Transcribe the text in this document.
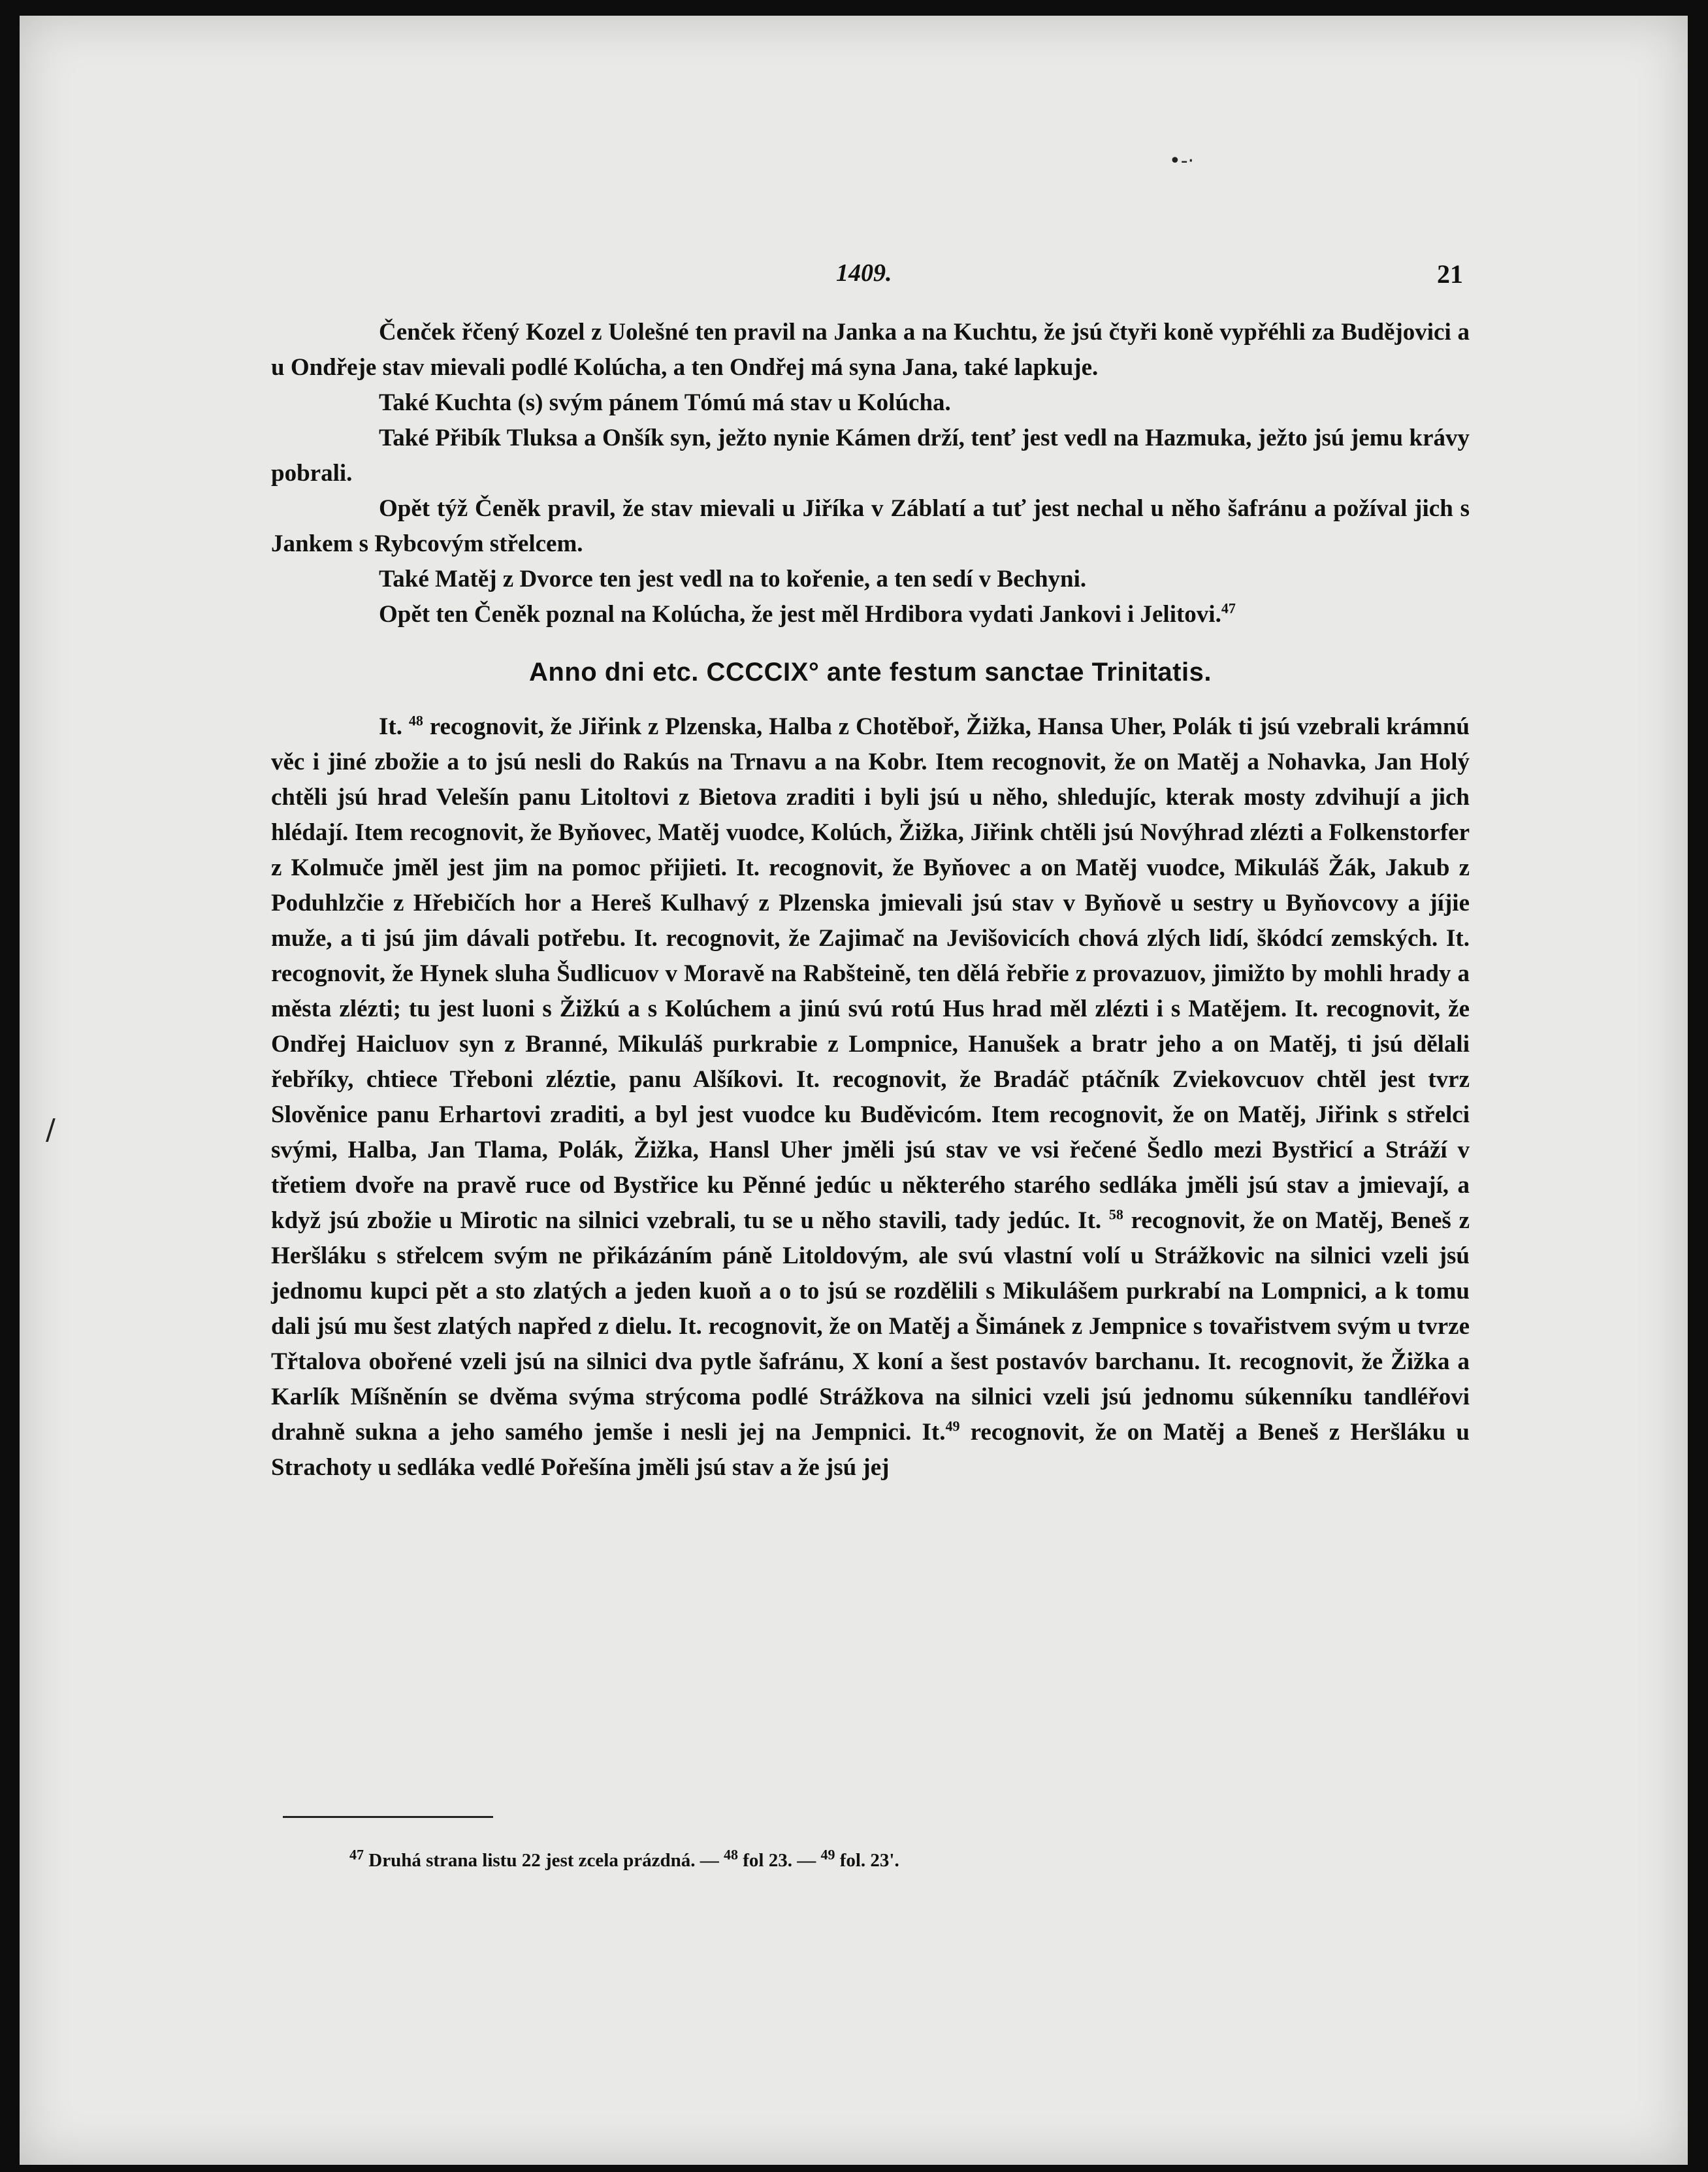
1409.	21

Čenček řčený Kozel z Uolešné ten pravil na Janka a na Kuchtu, že jsú čtyři koně vypřéhli za Budějovici a u Ondřeje stav mievali podlé Kolúcha, a ten Ondřej má syna Jana, také lapkuje.

Také Kuchta (s) svým pánem Tómú má stav u Kolúcha.

Také Přibík Tluksa a Onšík syn, ježto nynie Kámen drží, tenť jest vedl na Hazmuka, ježto jsú jemu krávy pobrali.

Opět týž Čeněk pravil, že stav mievali u Jiříka v Záblatí a tuť jest nechal u něho šafránu a požíval jich s Jankem s Rybcovým střelcem.

Také Matěj z Dvorce ten jest vedl na to kořenie, a ten sedí v Bechyni.

Opět ten Čeněk poznal na Kolúcha, že jest měl Hrdibora vydati Jankovi i Jelitovi.$^{47}$

Anno dni etc. CCCCIX° ante festum sanctae Trinitatis.
It. $^{48}$ recognovit, že Jiřink z Plzenska, Halba z Chotěboř, Žižka, Hansa Uher, Polák ti jsú vzebrali krámnú věc i jiné zbožie a to jsú nesli do Rakús na Trnavu a na Kobr. Item recognovit, že on Matěj a Nohavka, Jan Holý chtěli jsú hrad Velešín panu Litoltovi z Bietova zraditi i byli jsú u něho, shledujíc, kterak mosty zdvihují a jich hlédají. Item recognovit, že Byňovec, Matěj vuodce, Kolúch, Žižka, Jiřink chtěli jsú Novýhrad zlézti a Folkenstorfer z Kolmuče jměl jest jim na pomoc přijieti. It. recognovit, že Byňovec a on Matěj vuodce, Mikuláš Žák, Jakub z Poduhlzčie z Hřebičích hor a Hereš Kulhavý z Plzenska jmievali jsú stav v Byňově u sestry u Byňovcovy a jíjie muže, a ti jsú jim dávali potřebu. It. recognovit, že Zajimač na Jevišovicích chová zlých lidí, škódcí zemských. It. recognovit, že Hynek sluha Šudlicuov v Moravě na Rabšteině, ten dělá řebřie z provazuov, jimižto by mohli hrady a města zlézti; tu jest luoni s Žižkú a s Kolúchem a jinú svú rotú Hus hrad měl zlézti i s Matějem. It. recognovit, že Ondřej Haicluov syn z Branné, Mikuláš purkrabie z Lompnice, Hanušek a bratr jeho a on Matěj, ti jsú dělali řebříky, chtiece Třeboni zléztie, panu Alšíkovi. It. recognovit, že Bradáč ptáčník Zviekovcuov chtěl jest tvrz Slověnice panu Erhartovi zraditi, a byl jest vuodce ku Buděvicóm. Item recognovit, že on Matěj, Jiřink s střelci svými, Halba, Jan Tlama, Polák, Žižka, Hansl Uher jměli jsú stav ve vsi řečené Šedlo mezi Bystřicí a Stráží v třetiem dvoře na pravě ruce od Bystřice ku Pěnné jedúc u některého starého sedláka jměli jsú stav a jmievají, a když jsú zbožie u Mirotic na silnici vzebrali, tu se u něho stavili, tady jedúc. It. $^{58}$ recognovit, že on Matěj, Beneš z Heršláku s střelcem svým ne přikázáním páně Litoldovým, ale svú vlastní volí u Strážkovic na silnici vzeli jsú jednomu kupci pět a sto zlatých a jeden kuoň a o to jsú se rozdělili s Mikulášem purkrabí na Lompnici, a k tomu dali jsú mu šest zlatých napřed z dielu. It. recognovit, že on Matěj a Šimánek z Jempnice s tovařistvem svým u tvrze Třtalova obořené vzeli jsú na silnici dva pytle šafránu, X koní a šest postavóv barchanu. It. recognovit, že Žižka a Karlík Míšněnín se dvěma svýma strýcoma podlé Strážkova na silnici vzeli jsú jednomu súkenníku tandléřovi drahně sukna a jeho samého jemše i nesli jej na Jempnici. It.$^{49}$ recognovit, že on Matěj a Beneš z Heršláku u Strachoty u sedláka vedlé Pořešína jměli jsú stav a že jsú jej
$^{47}$ Druhá strana listu 22 jest zcela prázdná. — $^{48}$ fol 23. — $^{49}$ fol. 23'.
/
•-·
